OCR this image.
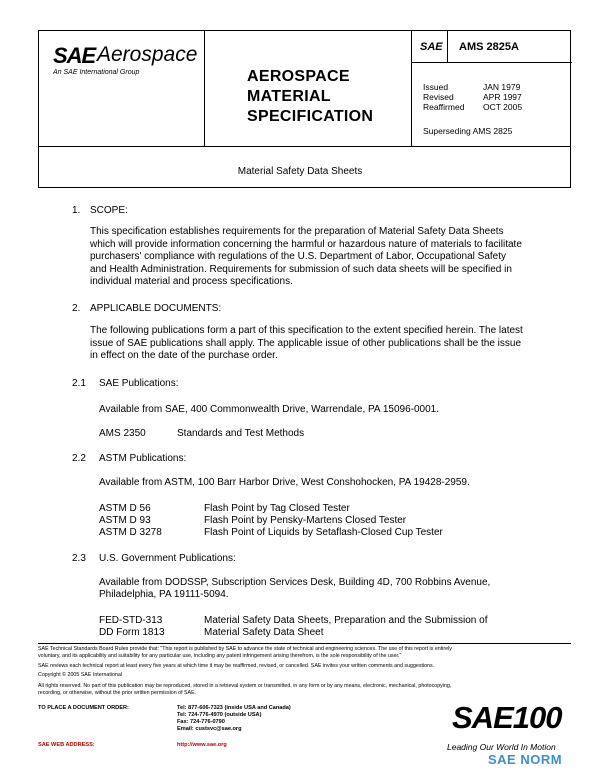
SAE Aerospace
An SAE International Group	AEROSPACE
MATERIAL
SPECIFICATION
SAE AMS 2825A
Issued	JAN 1979
Revised	APR 1997
Reaffirmed OCT 2005
Superseding AMS 2825
Material Safety Data Sheets
1. SCOPE:
This specification establishes requirements for the preparation of Material Safety Data Sheets
which will provide information concerning the harmful or hazardous nature of materials to facilitate
purchasers' compliance with regulations of the U.S. Department of Labor, Occupational Safety
and Health Administration. Requirements for submission of such data sheets will be specified in
individual material and process specifications.
2. APPLICABLE DOCUMENTS:
The following publications form a part of this specification to the extent specified herein. The latest
issue of SAE publications shall apply. The applicable issue of other publications shall be the issue
in effect on the date of the purchase order.
2.1 SAE Publications:
Available from SAE, 400 Commonwealth Drive, Warrendale, PA 15096-0001.
AMS 2350	Standards and Test Methods
2.2 ASTM Publications:
Available from ASTM, 100 Barr Harbor Drive, West Conshohocken, PA 19428-2959.
ASTM D 56	Flash Point by Tag Closed Tester
ASTM D 93	Flash Point by Pensky-Martens Closed Tester
ASTM D 3278	Flash Point of Liquids by Setaflash-Closed Cup Tester
2.3 U.S. Government Publications:
Available from DODSSP, Subscription Services Desk, Building 4D, 700 Robbins Avenue,
Philadelphia, PA 19111-5094.
FED-STD-313	Material Safety Data Sheets, Preparation and the Submission of
DD Form 1813	Material Safety Data Sheet
SAE Technical Standards Board Rules provide that: "This report is published by SAE to advance the state of technical and engineering sciences. The use of this report is entirely
voluntary, and its applicability and suitability for any particular use, including any patent infringement arising therefrom, is the sole responsibility of the user."
SAE reviews each technical report at least every five years at which time it may be reaffirmed, revised, or cancelled. SAE invites your written comments and suggestions.
Copyright © 2005 SAE International
All rights reserved. No part of this publication may be reproduced, stored in a retrieval system or transmitted, in any form or by any means, electronic, mechanical, photocopying,
recording, or otherwise, without the prior written permission of SAE.
TO PLACE A DOCUMENT ORDER:	Tel: 877-606-7323 (inside USA and Canada)
Tel: 724-776-4970 (outside USA)
Fax: 724-776-0790
Email: custsvc@sae.org
SAE WEB ADDRESS:	http://www.sae.org
SAE100
Leading Our World In Motion
SAE NORM
